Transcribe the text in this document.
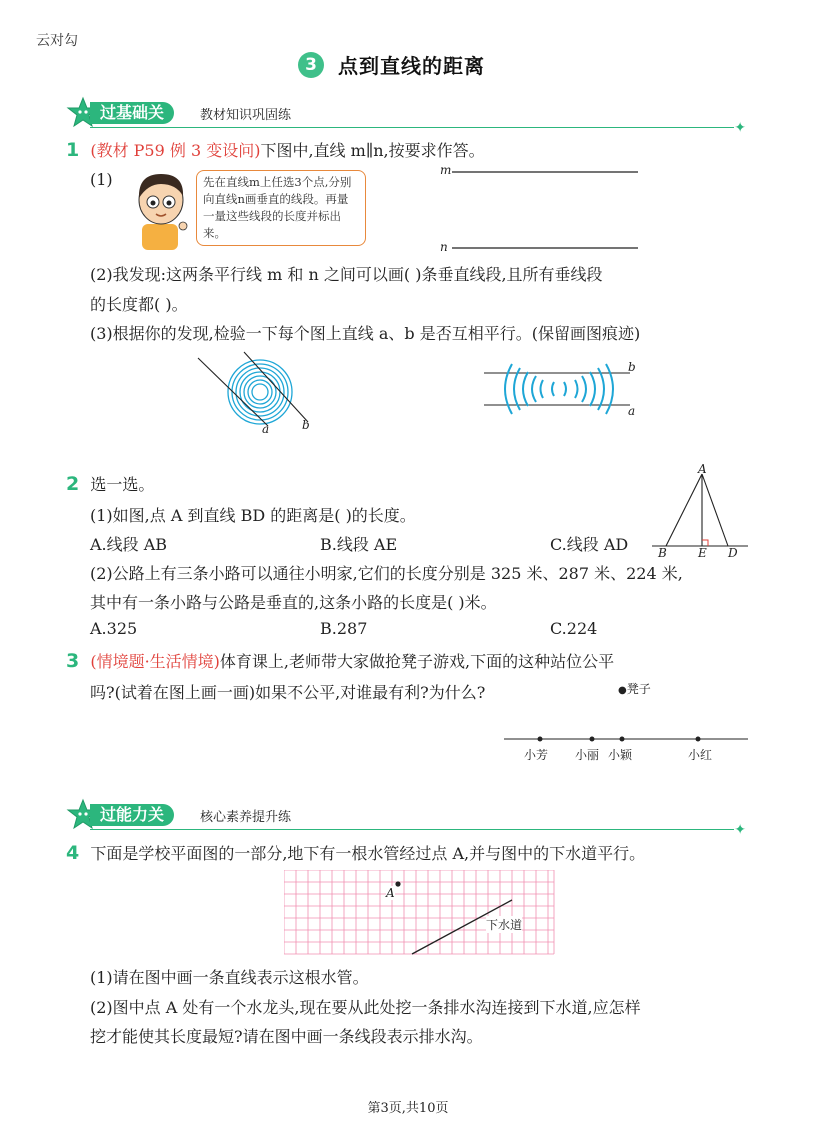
云对勾
3	点到直线的距离
过基础关	教材知识巩固练
✦
1 (教材 P59 例 3 变设问)下图中,直线 m∥n,按要求作答。
(1)	先在直线m上任选3个点,分别向直线n画垂直的线段。再量一量这些线段的长度并标出来。
m
n
(2)我发现:这两条平行线 m 和 n 之间可以画( )条垂直线段,且所有垂线段
的长度都( )。
(3)根据你的发现,检验一下每个图上直线 a、b 是否互相平行。(保留画图痕迹)
a	b
b
a
2 选一选。
(1)如图,点 A 到直线 BD 的距离是( )的长度。
A.线段 AB	B.线段 AE	C.线段 AD
A
B	E D
(2)公路上有三条小路可以通往小明家,它们的长度分别是 325 米、287 米、224 米,
其中有一条小路与公路是垂直的,这条小路的长度是( )米。
A.325	B.287	C.224
3 (情境题·生活情境)体育课上,老师带大家做抢凳子游戏,下面的这种站位公平
吗?(试着在图上画一画)如果不公平,对谁最有利?为什么?	●凳子
小芳 小丽 小颖	小红
过能力关	核心素养提升练
✦
4 下面是学校平面图的一部分,地下有一根水管经过点 A,并与图中的下水道平行。
A
下水道
(1)请在图中画一条直线表示这根水管。
(2)图中点 A 处有一个水龙头,现在要从此处挖一条排水沟连接到下水道,应怎样
挖才能使其长度最短?请在图中画一条线段表示排水沟。
第3页,共10页
